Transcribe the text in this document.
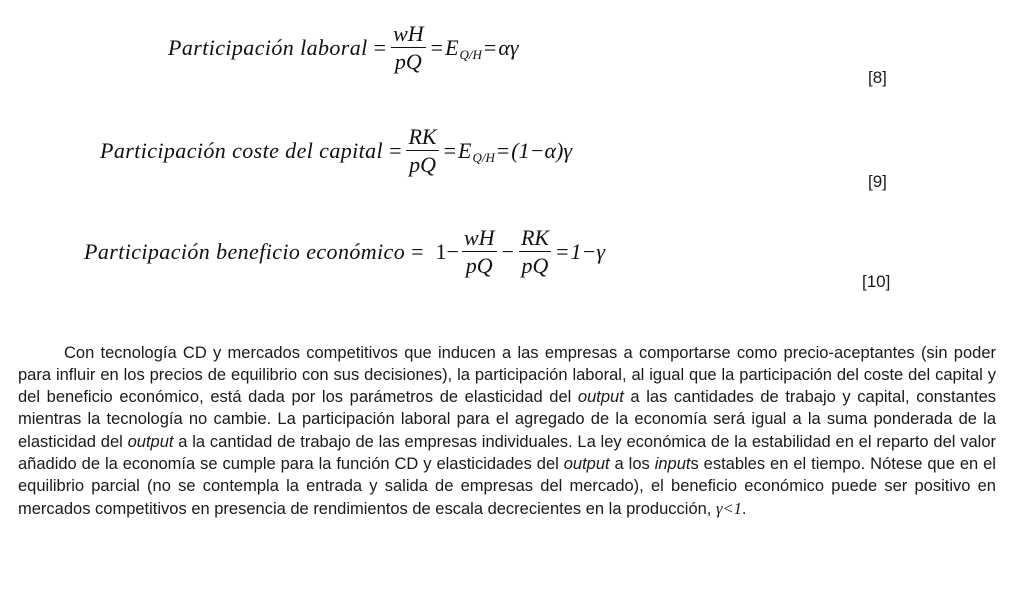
Participación laboral = $\frac{wH}{pQ} = E$ Q/H = αγ
[8]
Participación coste del capital = $\frac{RK}{pQ} = E$ Q/H = (1−α)γ
[9]
Participación beneficio económico = $1- \frac{wH}{pQ} - \frac{RK}{pQ} = 1-\gamma$
[10]

Con tecnología CD y mercados competitivos que inducen a las empresas a comportarse como precio-aceptantes (sin poder para influir en los precios de equilibrio con sus decisiones), la participación laboral, al igual que la participación del coste del capital y del beneficio económico, está dada por los parámetros de elasticidad del output a las cantidades de trabajo y capital, constantes mientras la tecnología no cambie. La participación laboral para el agregado de la economía será igual a la suma ponderada de la elasticidad del output a la cantidad de trabajo de las empresas individuales. La ley económica de la estabilidad en el reparto del valor añadido de la economía se cumple para la función CD y elasticidades del output a los inputs estables en el tiempo. Nótese que en el equilibrio parcial (no se contempla la entrada y salida de empresas del mercado), el beneficio económico puede ser positivo en mercados competitivos en presencia de rendimientos de escala decrecientes en la producción, γ<1.
